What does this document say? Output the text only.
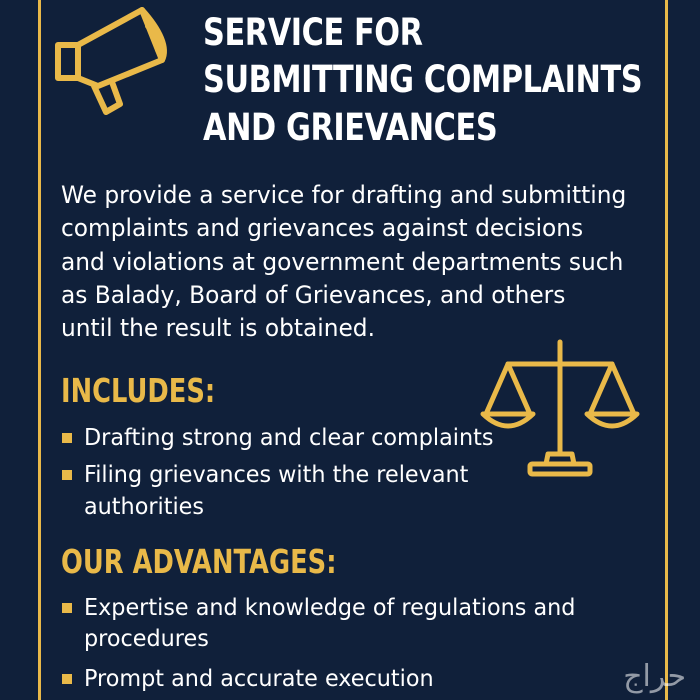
SERVICE FOR
SUBMITTING COMPLAINTS
AND GRIEVANCES
We provide a service for drafting and submitting
complaints and grievances against decisions
and violations at government departments such
as Balady, Board of Grievances, and others
until the result is obtained.
INCLUDES:
Drafting strong and clear complaints
Filing grievances with the relevant
authorities
OUR ADVANTAGES:
Expertise and knowledge of regulations and
procedures
Prompt and accurate execution	حراج
